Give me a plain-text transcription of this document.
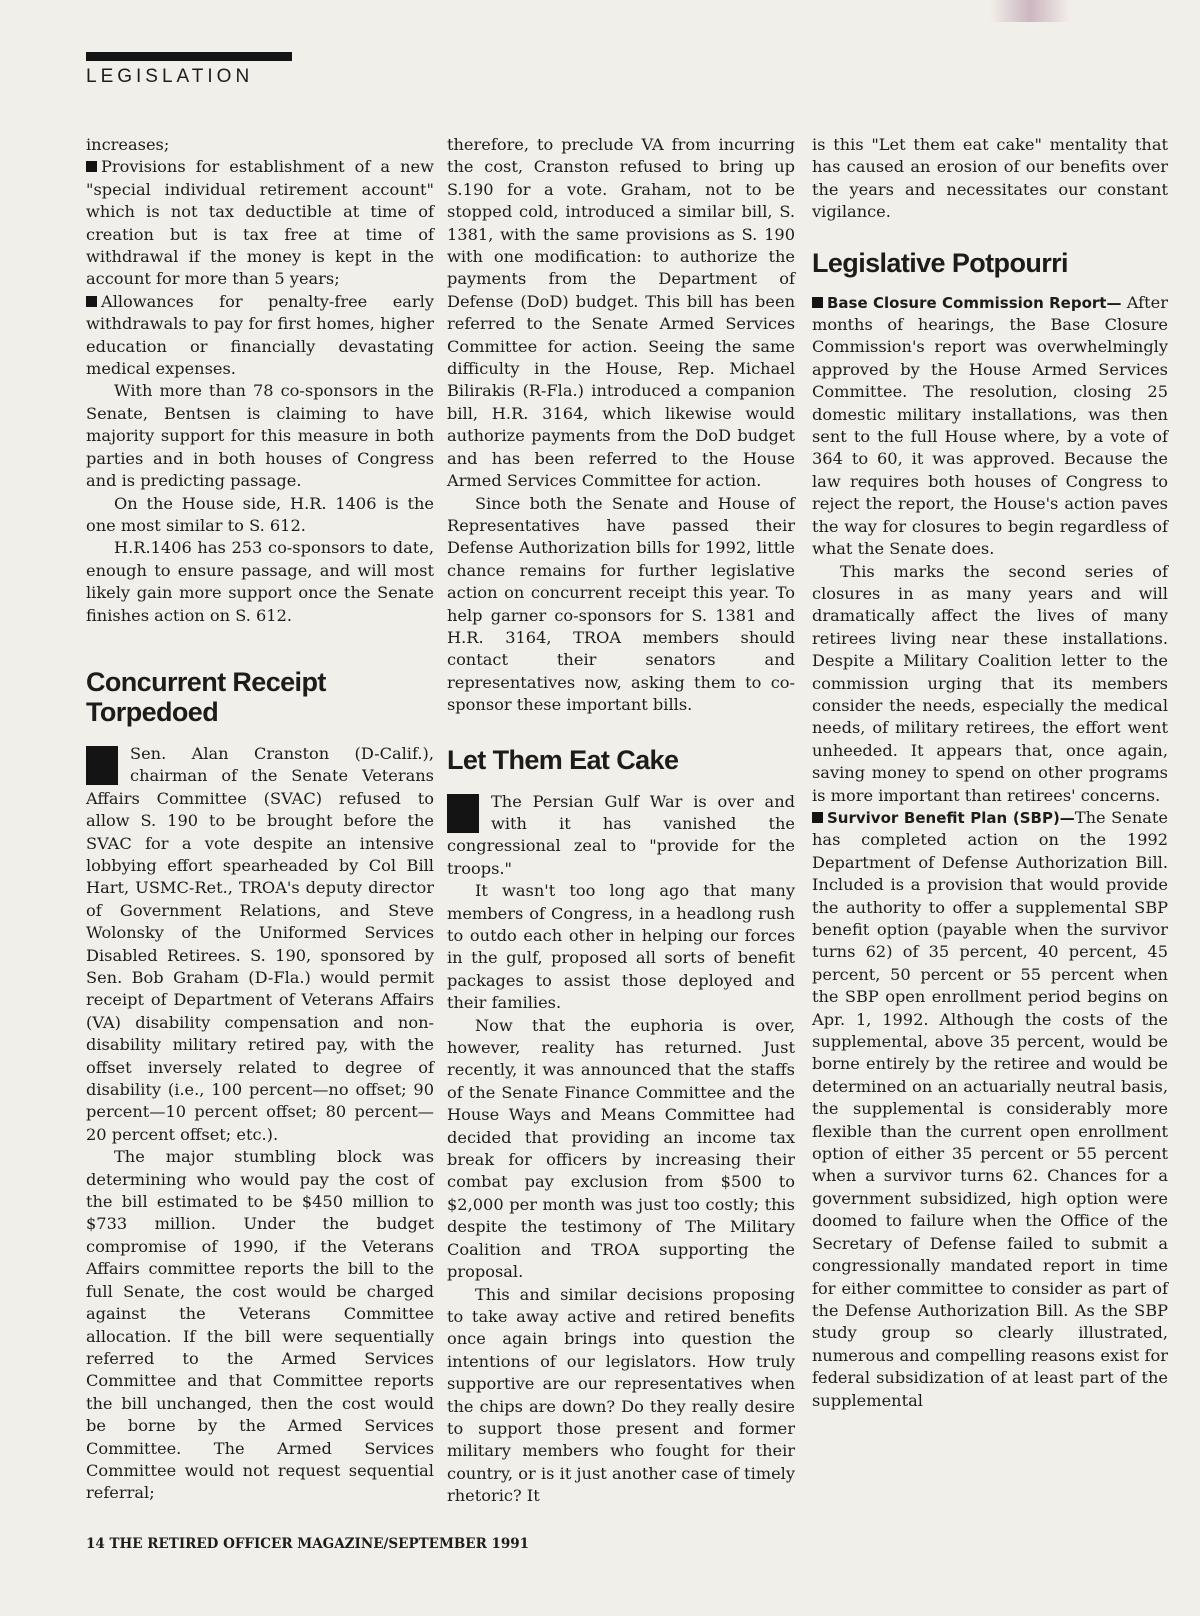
LEGISLATION

increases;

Provisions for establishment of a new "special individual retirement account" which is not tax deductible at time of creation but is tax free at time of withdrawal if the money is kept in the account for more than 5 years;

Allowances for penalty-free early withdrawals to pay for first homes, higher education or financially devastating medical expenses.

With more than 78 co-sponsors in the Senate, Bentsen is claiming to have majority support for this measure in both parties and in both houses of Congress and is predicting passage.

On the House side, H.R. 1406 is the one most similar to S. 612.

H.R.1406 has 253 co-sponsors to date, enough to ensure passage, and will most likely gain more support once the Senate finishes action on S. 612.

Concurrent Receipt Torpedoed

Sen. Alan Cranston (D-Calif.), chairman of the Senate Veterans Affairs Committee (SVAC) refused to allow S. 190 to be brought before the SVAC for a vote despite an intensive lobbying effort spearheaded by Col Bill Hart, USMC-Ret., TROA's deputy director of Government Relations, and Steve Wolonsky of the Uniformed Services Disabled Retirees. S. 190, sponsored by Sen. Bob Graham (D-Fla.) would permit receipt of Department of Veterans Affairs (VA) disability compensation and non-disability military retired pay, with the offset inversely related to degree of disability (i.e., 100 percent—no offset; 90 percent—10 percent offset; 80 percent—20 percent offset; etc.).

The major stumbling block was determining who would pay the cost of the bill estimated to be $450 million to $733 million. Under the budget compromise of 1990, if the Veterans Affairs committee reports the bill to the full Senate, the cost would be charged against the Veterans Committee allocation. If the bill were sequentially referred to the Armed Services Committee and that Committee reports the bill unchanged, then the cost would be borne by the Armed Services Committee. The Armed Services Committee would not request sequential referral;

therefore, to preclude VA from incurring the cost, Cranston refused to bring up S.190 for a vote. Graham, not to be stopped cold, introduced a similar bill, S. 1381, with the same provisions as S. 190 with one modification: to authorize the payments from the Department of Defense (DoD) budget. This bill has been referred to the Senate Armed Services Committee for action. Seeing the same difficulty in the House, Rep. Michael Bilirakis (R-Fla.) introduced a companion bill, H.R. 3164, which likewise would authorize payments from the DoD budget and has been referred to the House Armed Services Committee for action.

Since both the Senate and House of Representatives have passed their Defense Authorization bills for 1992, little chance remains for further legislative action on concurrent receipt this year. To help garner co-sponsors for S. 1381 and H.R. 3164, TROA members should contact their senators and representatives now, asking them to co-sponsor these important bills.

Let Them Eat Cake

The Persian Gulf War is over and with it has vanished the congressional zeal to "provide for the troops."

It wasn't too long ago that many members of Congress, in a headlong rush to outdo each other in helping our forces in the gulf, proposed all sorts of benefit packages to assist those deployed and their families.

Now that the euphoria is over, however, reality has returned. Just recently, it was announced that the staffs of the Senate Finance Committee and the House Ways and Means Committee had decided that providing an income tax break for officers by increasing their combat pay exclusion from $500 to $2,000 per month was just too costly; this despite the testimony of The Military Coalition and TROA supporting the proposal.

This and similar decisions proposing to take away active and retired benefits once again brings into question the intentions of our legislators. How truly supportive are our representatives when the chips are down? Do they really desire to support those present and former military members who fought for their country, or is it just another case of timely rhetoric? It

is this "Let them eat cake" mentality that has caused an erosion of our benefits over the years and necessitates our constant vigilance.

Legislative Potpourri

Base Closure Commission Report— After months of hearings, the Base Closure Commission's report was overwhelmingly approved by the House Armed Services Committee. The resolution, closing 25 domestic military installations, was then sent to the full House where, by a vote of 364 to 60, it was approved. Because the law requires both houses of Congress to reject the report, the House's action paves the way for closures to begin regardless of what the Senate does.

This marks the second series of closures in as many years and will dramatically affect the lives of many retirees living near these installations. Despite a Military Coalition letter to the commission urging that its members consider the needs, especially the medical needs, of military retirees, the effort went unheeded. It appears that, once again, saving money to spend on other programs is more important than retirees' concerns.

Survivor Benefit Plan (SBP)—The Senate has completed action on the 1992 Department of Defense Authorization Bill. Included is a provision that would provide the authority to offer a supplemental SBP benefit option (payable when the survivor turns 62) of 35 percent, 40 percent, 45 percent, 50 percent or 55 percent when the SBP open enrollment period begins on Apr. 1, 1992. Although the costs of the supplemental, above 35 percent, would be borne entirely by the retiree and would be determined on an actuarially neutral basis, the supplemental is considerably more flexible than the current open enrollment option of either 35 percent or 55 percent when a survivor turns 62. Chances for a government subsidized, high option were doomed to failure when the Office of the Secretary of Defense failed to submit a congressionally mandated report in time for either committee to consider as part of the Defense Authorization Bill. As the SBP study group so clearly illustrated, numerous and compelling reasons exist for federal subsidization of at least part of the supplemental

14 THE RETIRED OFFICER MAGAZINE/SEPTEMBER 1991
